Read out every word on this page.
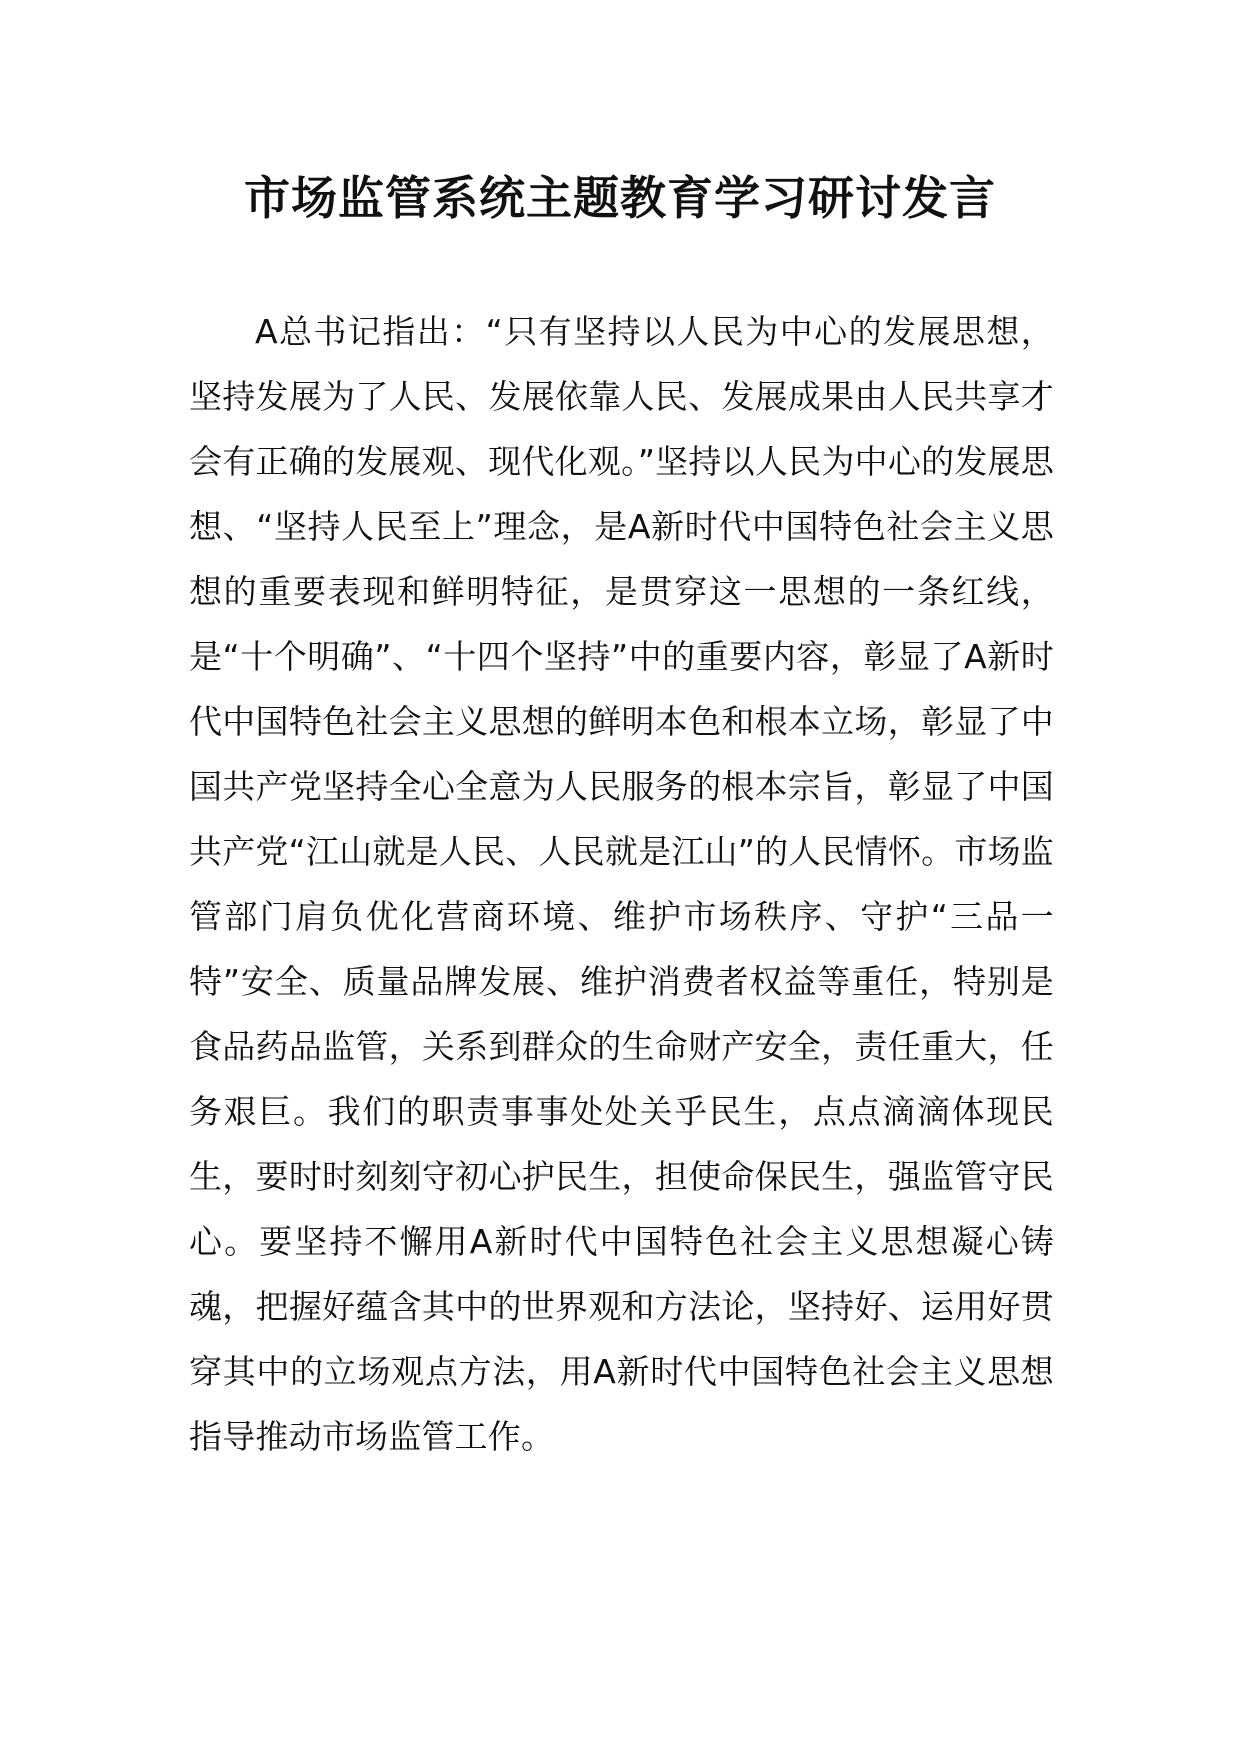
市场监管系统主题教育学习研讨发言

A总书记指出：“只有坚持以人民为中心的发展思想，坚持发展为了人民、发展依靠人民、发展成果由人民共享才会有正确的发展观、现代化观。”坚持以人民为中心的发展思想、“坚持人民至上”理念，是A新时代中国特色社会主义思想的重要表现和鲜明特征，是贯穿这一思想的一条红线，是“十个明确”、“十四个坚持”中的重要内容，彰显了A新时代中国特色社会主义思想的鲜明本色和根本立场，彰显了中国共产党坚持全心全意为人民服务的根本宗旨，彰显了中国共产党“江山就是人民、人民就是江山”的人民情怀。市场监管部门肩负优化营商环境、维护市场秩序、守护“三品一特”安全、质量品牌发展、维护消费者权益等重任，特别是食品药品监管，关系到群众的生命财产安全，责任重大，任务艰巨。我们的职责事事处处关乎民生，点点滴滴体现民生，要时时刻刻守初心护民生，担使命保民生，强监管守民心。要坚持不懈用A新时代中国特色社会主义思想凝心铸魂，把握好蕴含其中的世界观和方法论，坚持好、运用好贯穿其中的立场观点方法，用A新时代中国特色社会主义思想指导推动市场监管工作。
